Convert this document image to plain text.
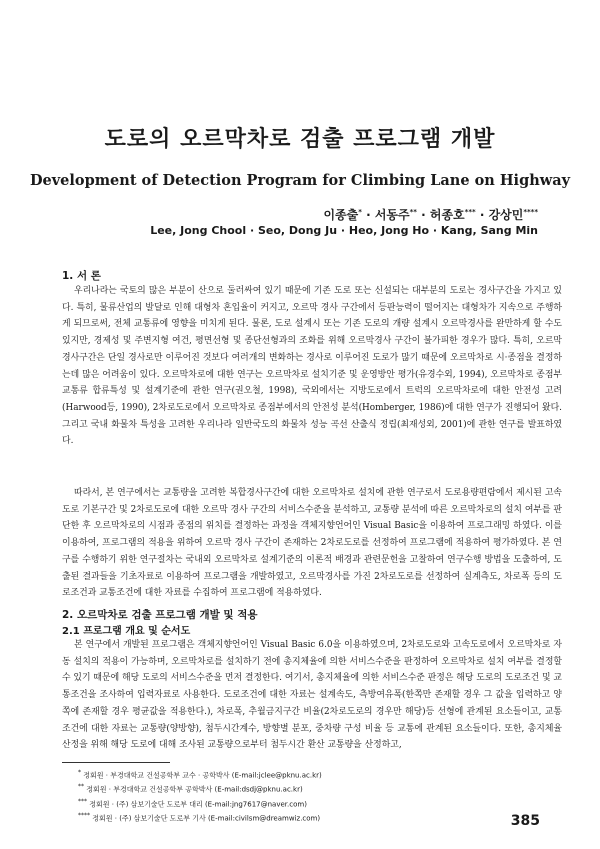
도로의 오르막차로 검출 프로그램 개발
Development of Detection Program for Climbing Lane on Highway
이종출* · 서동주** · 허종호*** · 강상민****
Lee, Jong Chool · Seo, Dong Ju · Heo, Jong Ho · Kang, Sang Min
1. 서 론

우리나라는 국토의 많은 부분이 산으로 둘러싸여 있기 때문에 기존 도로 또는 신설되는 대부분의 도로는 경사구간을 가지고 있다. 특히, 물류산업의 발달로 인해 대형차 혼입율이 커지고, 오르막 경사 구간에서 등판능력이 떨어지는 대형차가 지속으로 주행하게 되므로써, 전체 교통류에 영향을 미치게 된다. 물론, 도로 설계시 또는 기존 도로의 개량 설계시 오르막경사를 완만하게 할 수도 있지만, 경제성 및 주변지형 여건, 평면선형 및 종단선형과의 조화를 위해 오르막경사 구간이 불가피한 경우가 많다. 특히, 오르막경사구간은 단일 경사로만 이루어진 것보다 여러개의 변화하는 경사로 이루어진 도로가 많기 때문에 오르막차로 시·종점을 결정하는데 많은 어려움이 있다. 오르막차로에 대한 연구는 오르막차로 설치기준 및 운영방안 평가(유경수외, 1994), 오르막차로 종점부 교통류 합류특성 및 설계기준에 관한 연구(권오철, 1998), 국외에서는 지방도로에서 트럭의 오르막차로에 대한 안전성 고려(Harwood등, 1990), 2차로도로에서 오르막차로 종점부에서의 안전성 분석(Homberger, 1986)에 대한 연구가 진행되어 왔다. 그리고 국내 화물차 특성을 고려한 우리나라 일반국도의 화물차 성능 곡선 산출식 정립(최재성외, 2001)에 관한 연구를 발표하였다.

따라서, 본 연구에서는 교통량을 고려한 복합경사구간에 대한 오르막차로 설치에 관한 연구로서 도로용량편람에서 제시된 고속도로 기본구간 및 2차로도로에 대한 오르막 경사 구간의 서비스수준을 분석하고, 교통량 분석에 따른 오르막차로의 설치 여부를 판단한 후 오르막차로의 시점과 종점의 위치를 결정하는 과정을 객체지향언어인 Visual Basic을 이용하여 프로그래밍 하였다. 이를 이용하여, 프로그램의 적용을 위하여 오르막 경사 구간이 존재하는 2차로도로를 선정하여 프로그램에 적용하여 평가하였다. 본 연구를 수행하기 위한 연구절차는 국내외 오르막차로 설계기준의 이론적 배경과 관련문헌을 고찰하여 연구수행 방법을 도출하여, 도출된 결과들을 기초자료로 이용하여 프로그램을 개발하였고, 오르막경사를 가진 2차로도로를 선정하여 실계측도, 차로폭 등의 도로조건과 교통조건에 대한 자료를 수집하여 프로그램에 적용하였다.

2. 오르막차로 검출 프로그램 개발 및 적용
2.1 프로그램 개요 및 순서도

본 연구에서 개발된 프로그램은 객체지향언어인 Visual Basic 6.0을 이용하였으며, 2차로도로와 고속도로에서 오르막차로 자동 설치의 적용이 가능하며, 오르막차로를 설치하기 전에 총지체율에 의한 서비스수준을 판정하여 오르막차로 설치 여부를 결정할 수 있기 때문에 해당 도로의 서비스수준을 먼저 결정한다. 여기서, 총지체율에 의한 서비스수준 판정은 해당 도로의 도로조건 및 교통조건을 조사하여 입력자료로 사용한다. 도로조건에 대한 자료는 설계속도, 측방여유폭(한쪽만 존재할 경우 그 값을 입력하고 양쪽에 존재할 경우 평균값을 적용한다.), 차로폭, 추월금지구간 비율(2차로도로의 경우만 해당)등 선형에 관계된 요소들이고, 교통조건에 대한 자료는 교통량(양방향), 첨두시간계수, 방향별 분포, 중차량 구성 비율 등 교통에 관계된 요소들이다. 또한, 총지체율 산정을 위해 해당 도로에 대해 조사된 교통량으로부터 첨두시간 환산 교통량을 산정하고,

* 정회원 · 부경대학교 건설공학부 교수 · 공학박사 (E-mail:jclee@pknu.ac.kr)
** 정회원 · 부경대학교 건설공학부 공학박사 (E-mail:dsdj@pknu.ac.kr)
*** 정회원 · (주) 삼보기술단 도로부 대리 (E-mail:jng7617@naver.com)
**** 정회원 · (주) 삼보기술단 도로부 기사 (E-mail:civilsm@dreamwiz.com)	385
